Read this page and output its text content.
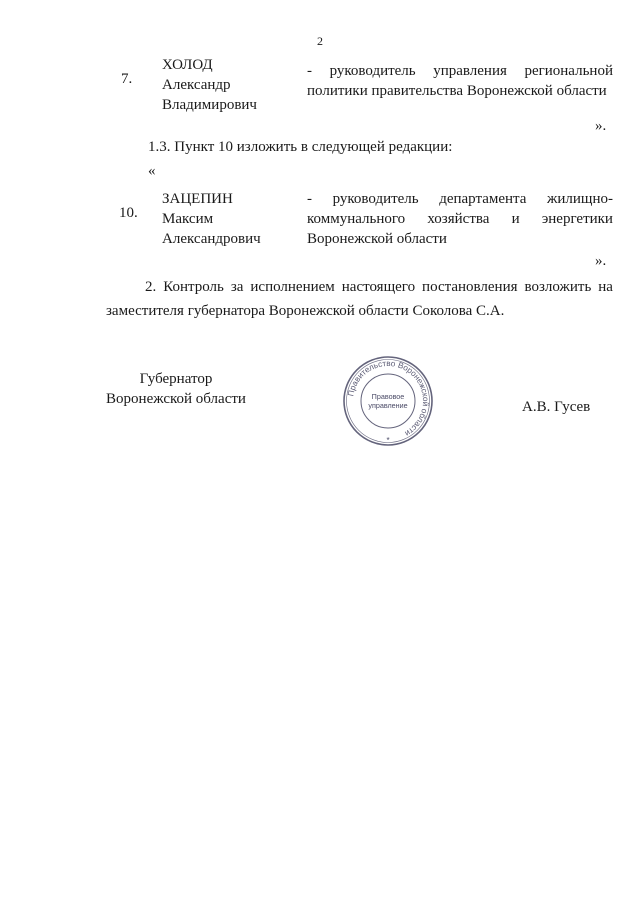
2
7.
ХОЛОД
Александр
Владимирович
- руководитель управления региональной
политики правительства Воронежской области
».
1.3. Пункт 10 изложить в следующей редакции:
«
10.
ЗАЦЕПИН
Максим
Александрович
- руководитель департамента жилищно-
коммунального хозяйства и энергетики
Воронежской области
».
2. Контроль за исполнением настоящего постановления возложить на
заместителя губернатора Воронежской области Соколова С.А.
Губернатор
Воронежской области	А.В. Гусев
Правительство Воронежской области
Правовое
управление
*
